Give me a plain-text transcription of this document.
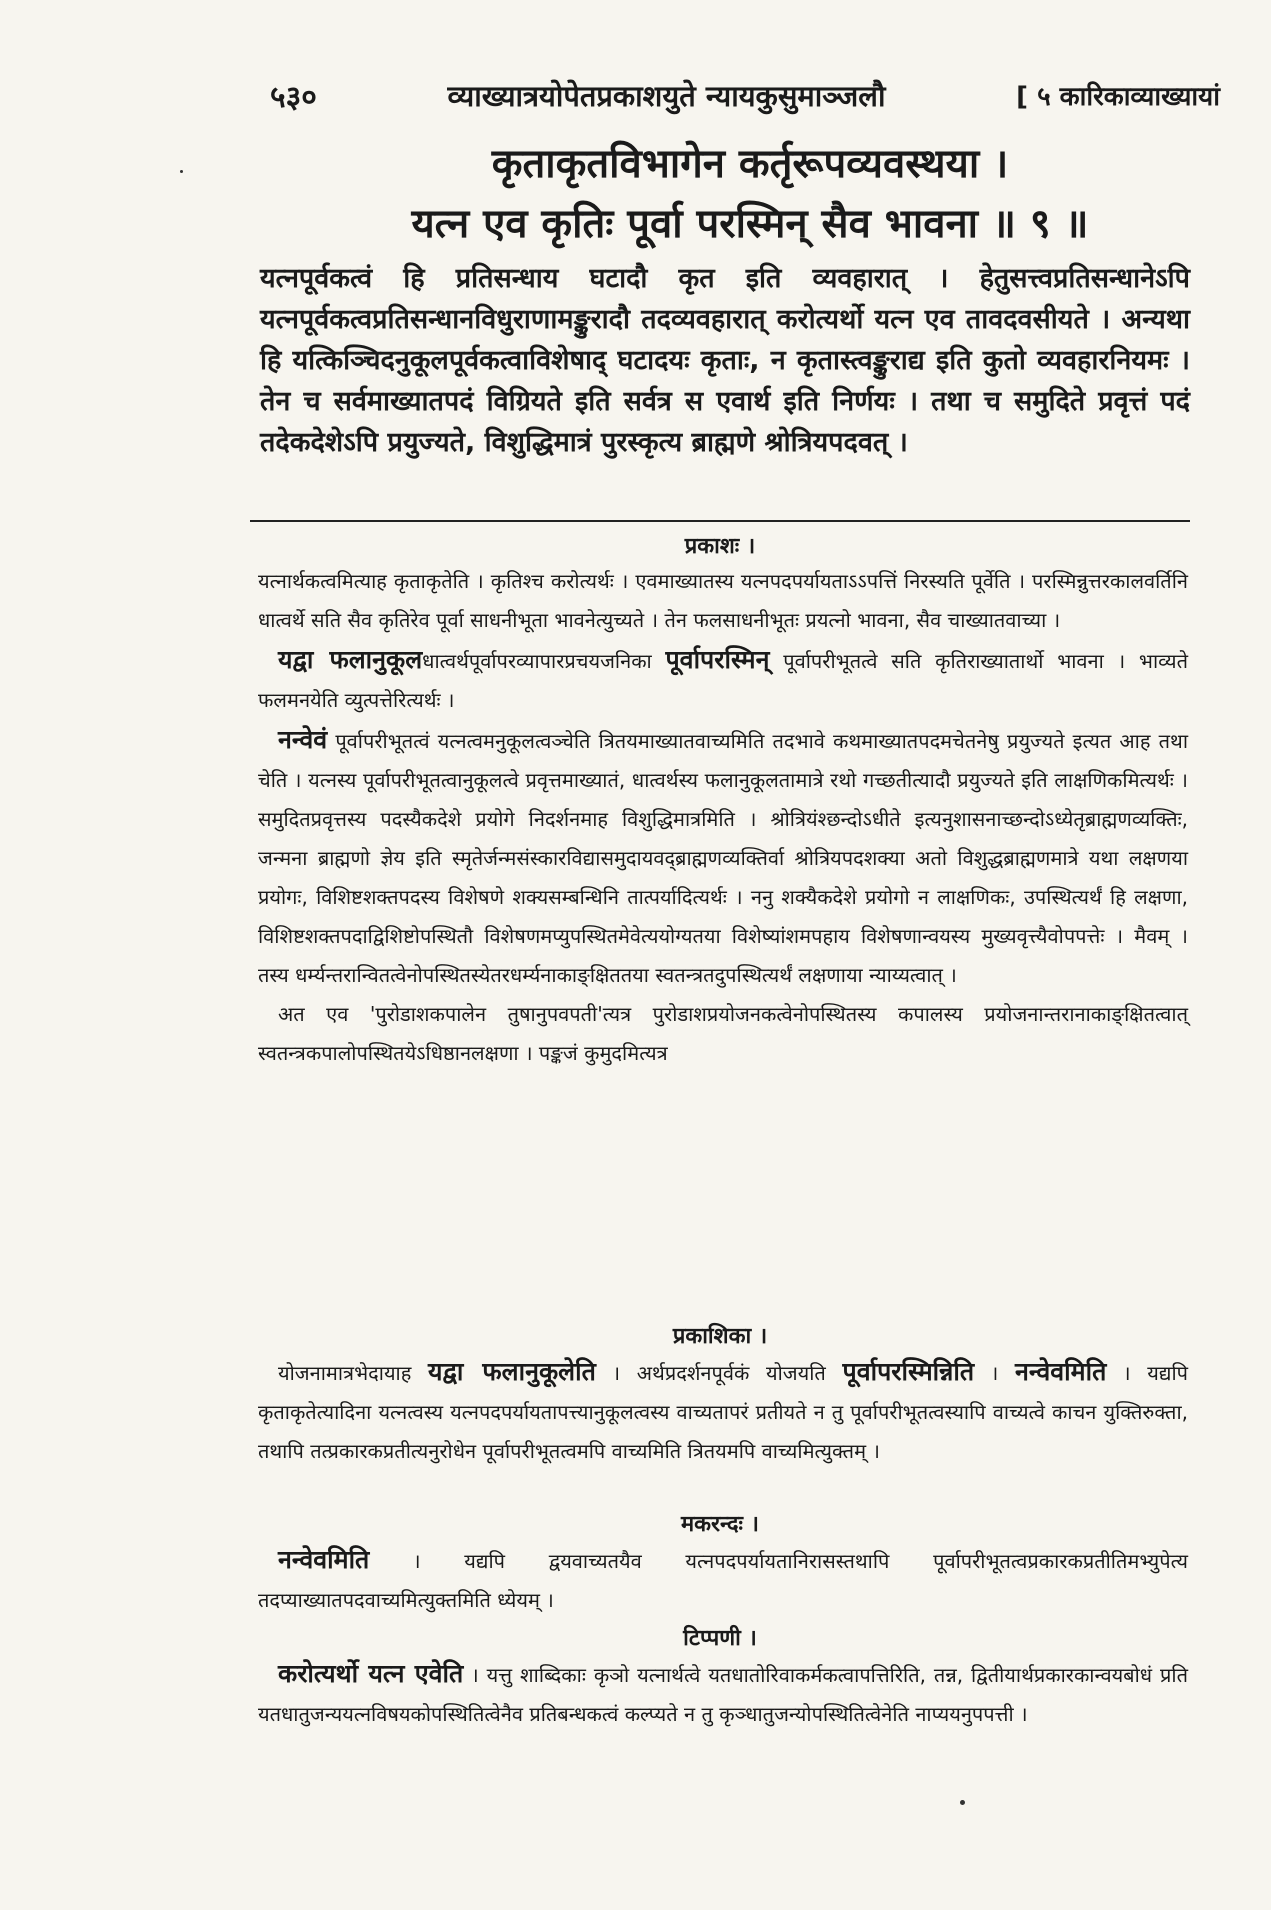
५३०	व्याख्यात्रयोपेतप्रकाशयुते न्यायकुसुमाञ्जलौ	[ ५ कारिकाव्याख्यायां
कृताकृतविभागेन कर्तृरूपव्यवस्थया ।
यत्न एव कृतिः पूर्वा परस्मिन् सैव भावना ॥ ९ ॥
यत्नपूर्वकत्वं हि प्रतिसन्धाय घटादौ कृत इति व्यवहारात् । हेतुसत्त्वप्रतिसन्धानेऽपि यत्नपूर्वकत्वप्रतिसन्धानविधुराणामङ्कुरादौ तदव्यवहारात् करोत्यर्थो यत्न एव तावदवसीयते । अन्यथा हि यत्किञ्चिदनुकूलपूर्वकत्वाविशेषाद् घटादयः कृताः, न कृतास्त्वङ्कुराद्य इति कुतो व्यवहारनियमः । तेन च सर्वमाख्यातपदं विग्रियते इति सर्वत्र स एवार्थ इति निर्णयः । तथा च समुदिते प्रवृत्तं पदं तदेकदेशेऽपि प्रयुज्यते, विशुद्धिमात्रं पुरस्कृत्य ब्राह्मणे श्रोत्रियपदवत् ।
प्रकाशः ।
यत्नार्थकत्वमित्याह कृताकृतेति । कृतिश्च करोत्यर्थः । एवमाख्यातस्य यत्नपदपर्यायताऽऽपत्तिं निरस्यति पूर्वेति । परस्मिन्नुत्तरकालवर्तिनि धात्वर्थे सति सैव कृतिरेव पूर्वा साधनीभूता भावनेत्युच्यते । तेन फलसाधनीभूतः प्रयत्नो भावना, सैव चाख्यातवाच्या ।
 यद्वा फलानुकूलधात्वर्थपूर्वापरव्यापारप्रचयजनिका पूर्वापरस्मिन् पूर्वापरीभूतत्वे सति कृतिराख्यातार्थो भावना । भाव्यते फलमनयेति व्युत्पत्तेरित्यर्थः ।
 नन्वेवं पूर्वापरीभूतत्वं यत्नत्वमनुकूलत्वञ्चेति त्रितयमाख्यातवाच्यमिति तदभावे कथमाख्यातपदमचेतनेषु प्रयुज्यते इत्यत आह तथा चेति । यत्नस्य पूर्वापरीभूतत्वानुकूलत्वे प्रवृत्तमाख्यातं, धात्वर्थस्य फलानुकूलतामात्रे रथो गच्छतीत्यादौ प्रयुज्यते इति लाक्षणिकमित्यर्थः । समुदितप्रवृत्तस्य पदस्यैकदेशे प्रयोगे निदर्शनमाह विशुद्धिमात्रमिति । श्रोत्रियंश्छन्दोऽधीते इत्यनुशासनाच्छन्दोऽध्येतृब्राह्मणव्यक्तिः, जन्मना ब्राह्मणो ज्ञेय इति स्मृतेर्जन्मसंस्कारविद्यासमुदायवद्ब्राह्मणव्यक्तिर्वा श्रोत्रियपदशक्या अतो विशुद्धब्राह्मणमात्रे यथा लक्षणया प्रयोगः, विशिष्टशक्तपदस्य विशेषणे शक्यसम्बन्धिनि तात्पर्यादित्यर्थः । ननु शक्यैकदेशे प्रयोगो न लाक्षणिकः, उपस्थित्यर्थं हि लक्षणा, विशिष्टशक्तपदाद्विशिष्टोपस्थितौ विशेषणमप्युपस्थितमेवेत्ययोग्यतया विशेष्यांशमपहाय विशेषणान्वयस्य मुख्यवृत्त्यैवोपपत्तेः । मैवम् । तस्य धर्म्यन्तरान्वितत्वेनोपस्थितस्येतरधर्म्यनाकाङ्क्षिततया स्वतन्त्रतदुपस्थित्यर्थं लक्षणाया न्याय्यत्वात् ।
 अत एव 'पुरोडाशकपालेन तुषानुपवपती'त्यत्र पुरोडाशप्रयोजनकत्वेनोपस्थितस्य कपालस्य प्रयोजनान्तरानाकाङ्क्षितत्वात् स्वतन्त्रकपालोपस्थितयेऽधिष्ठानलक्षणा । पङ्कजं कुमुदमित्यत्र
प्रकाशिका ।
 योजनामात्रभेदायाह यद्वा फलानुकूलेति । अर्थप्रदर्शनपूर्वकं योजयति पूर्वापरस्मिन्निति । नन्वेवमिति । यद्यपि कृताकृतेत्यादिना यत्नत्वस्य यत्नपदपर्यायतापत्त्यानुकूलत्वस्य वाच्यतापरं प्रतीयते न तु पूर्वापरीभूतत्वस्यापि वाच्यत्वे काचन युक्तिरुक्ता, तथापि तत्प्रकारकप्रतीत्यनुरोधेन पूर्वापरीभूतत्वमपि वाच्यमिति त्रितयमपि वाच्यमित्युक्तम् ।
मकरन्दः ।
 नन्वेवमिति । यद्यपि द्वयवाच्यतयैव यत्नपदपर्यायतानिरासस्तथापि पूर्वापरीभूतत्वप्रकारकप्रतीतिमभ्युपेत्य तदप्याख्यातपदवाच्यमित्युक्तमिति ध्येयम् ।
टिप्पणी ।
 करोत्यर्थो यत्न एवेति । यत्तु शाब्दिकाः कृञो यत्नार्थत्वे यतधातोरिवाकर्मकत्वापत्तिरिति, तन्न, द्वितीयार्थप्रकारकान्वयबोधं प्रति यतधातुजन्ययत्नविषयकोपस्थितित्वेनैव प्रतिबन्धकत्वं कल्प्यते न तु कृञ्धातुजन्योपस्थितित्वेनेति नाप्ययनुपपत्ती ।
